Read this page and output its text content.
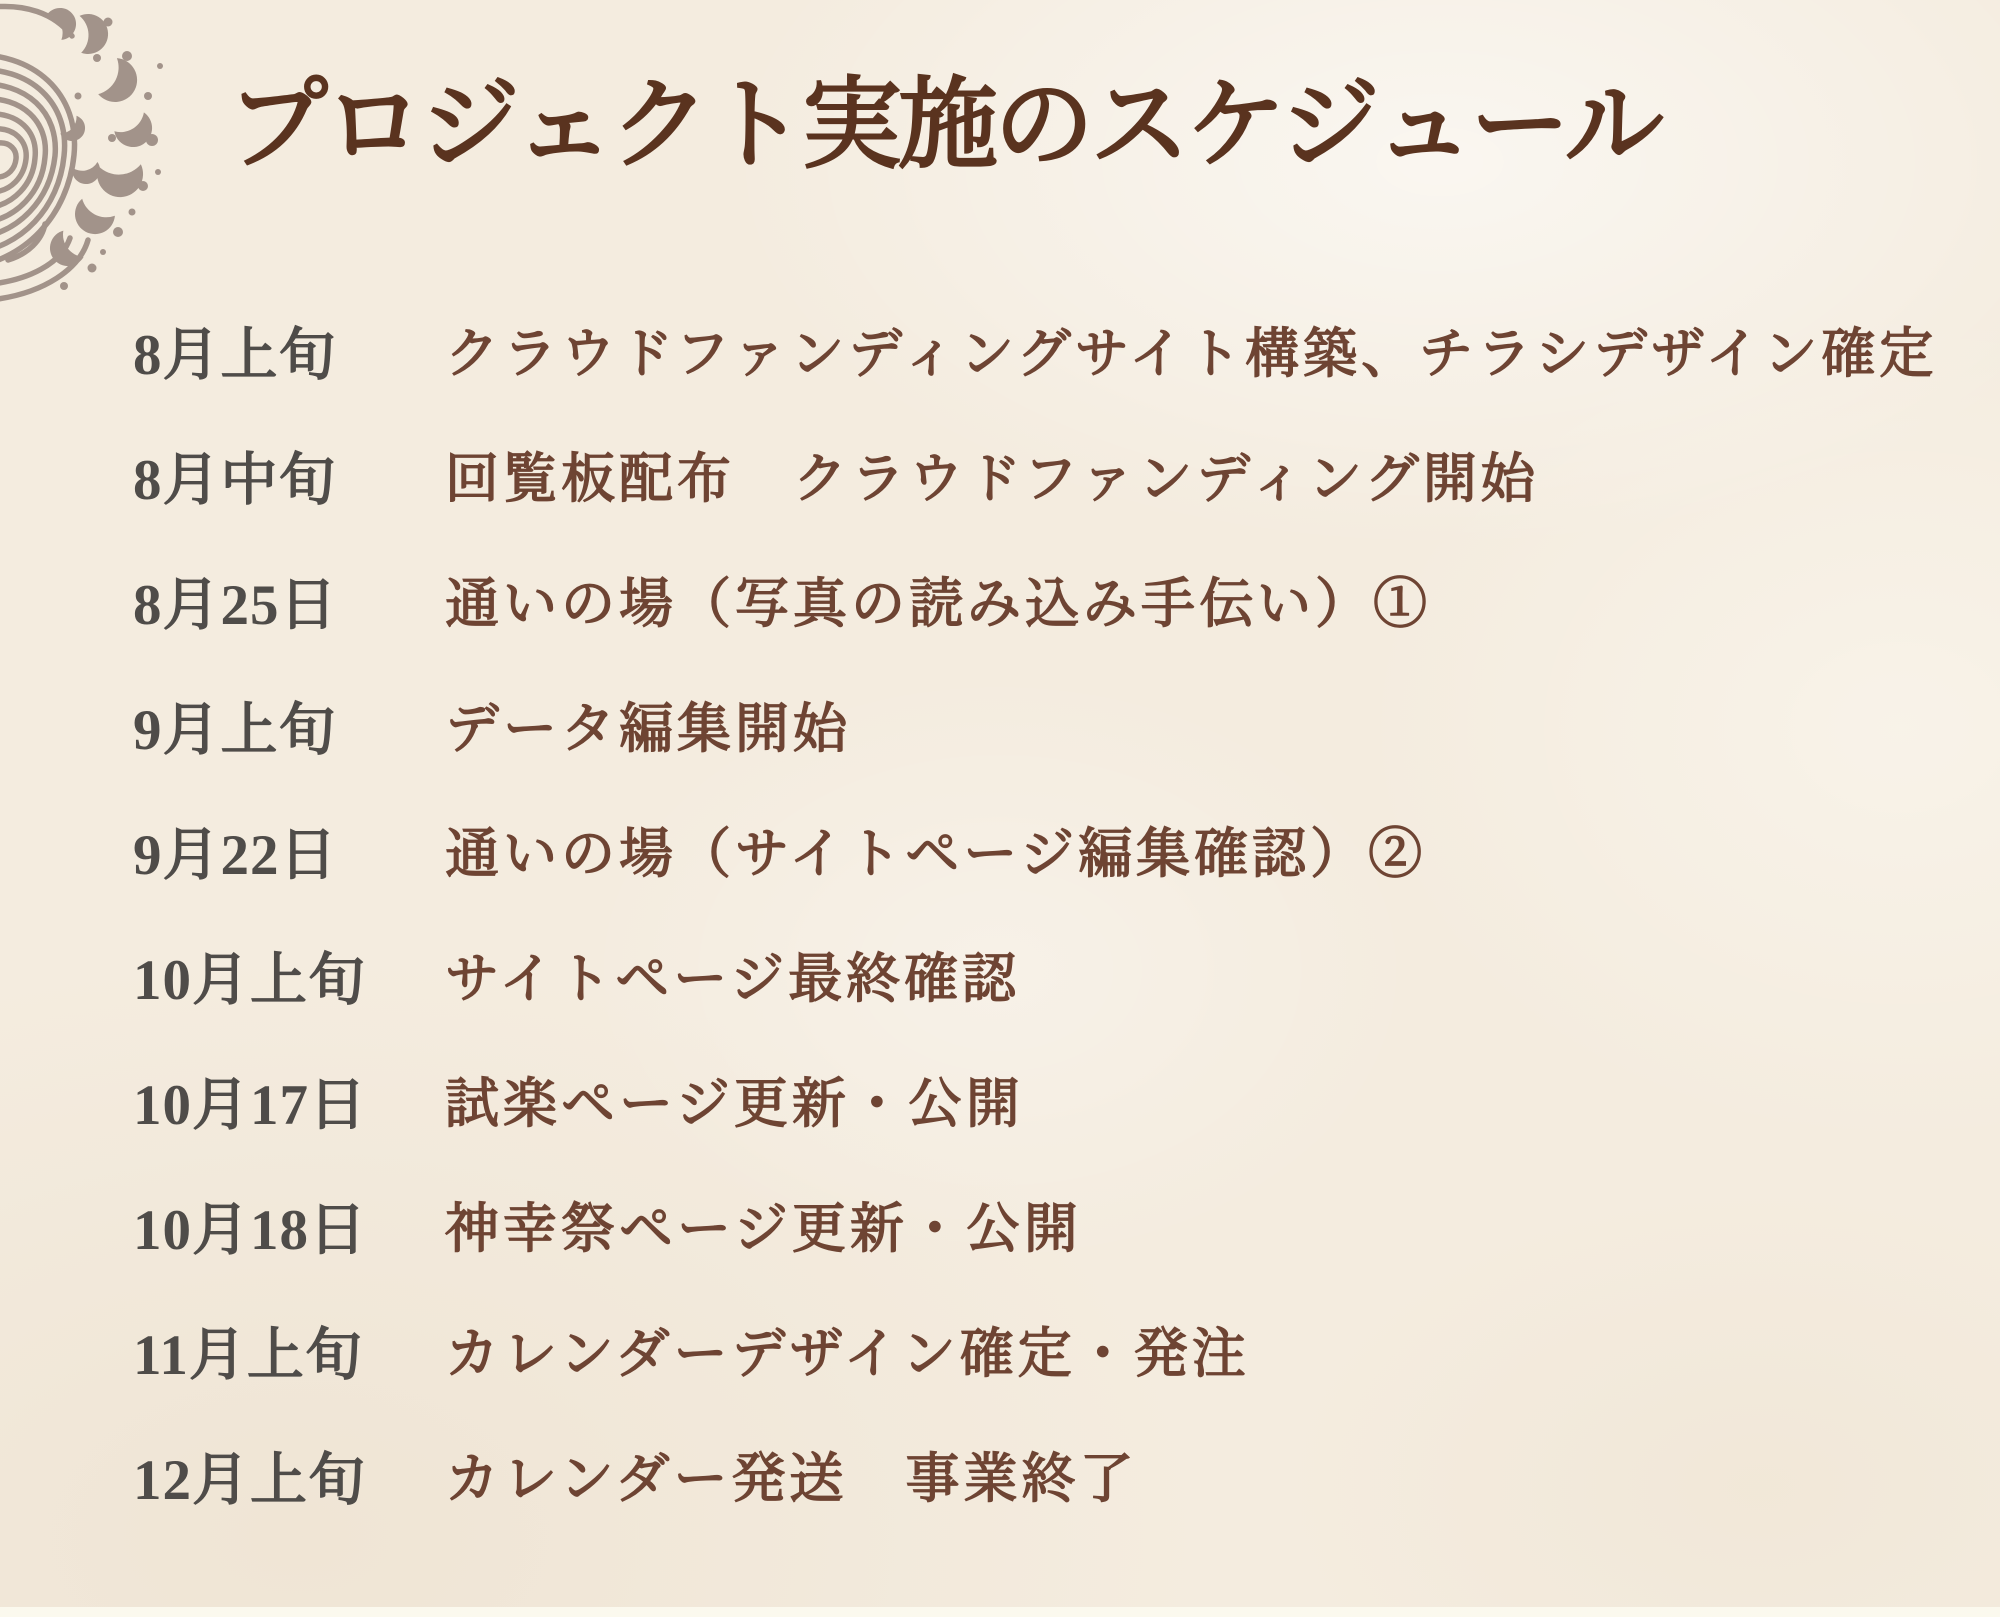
プロジェクト実施のスケジュール
8月上旬	クラウドファンディングサイト構築、チラシデザイン確定
8月中旬	回覧板配布　クラウドファンディング開始
8月25日	通いの場（写真の読み込み手伝い）①
9月上旬	データ編集開始
9月22日	通いの場（サイトページ編集確認）②
10月上旬	サイトページ最終確認
10月17日	試楽ページ更新・公開
10月18日	神幸祭ページ更新・公開
11月上旬	カレンダーデザイン確定・発注
12月上旬	カレンダー発送　事業終了
